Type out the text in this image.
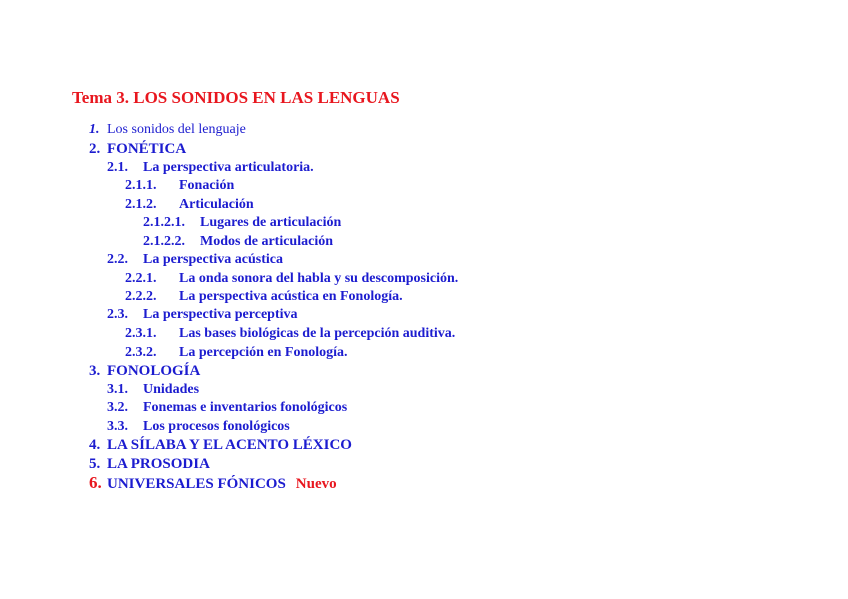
Tema 3. LOS SONIDOS EN LAS LENGUAS
1. Los sonidos del lenguaje
2. FONÉTICA
2.1. La perspectiva articulatoria.
2.1.1. Fonación
2.1.2. Articulación
2.1.2.1. Lugares de articulación
2.1.2.2. Modos de articulación
2.2. La perspectiva acústica
2.2.1. La onda sonora del habla y su descomposición.
2.2.2. La perspectiva acústica en Fonología.
2.3. La perspectiva perceptiva
2.3.1. Las bases biológicas de la percepción auditiva.
2.3.2. La percepción en Fonología.
3. FONOLOGÍA
3.1. Unidades
3.2. Fonemas e inventarios fonológicos
3.3. Los procesos fonológicos
4. LA SÍLABA Y EL ACENTO LÉXICO
5. LA PROSODIA
6. UNIVERSALES FÓNICOS Nuevo
